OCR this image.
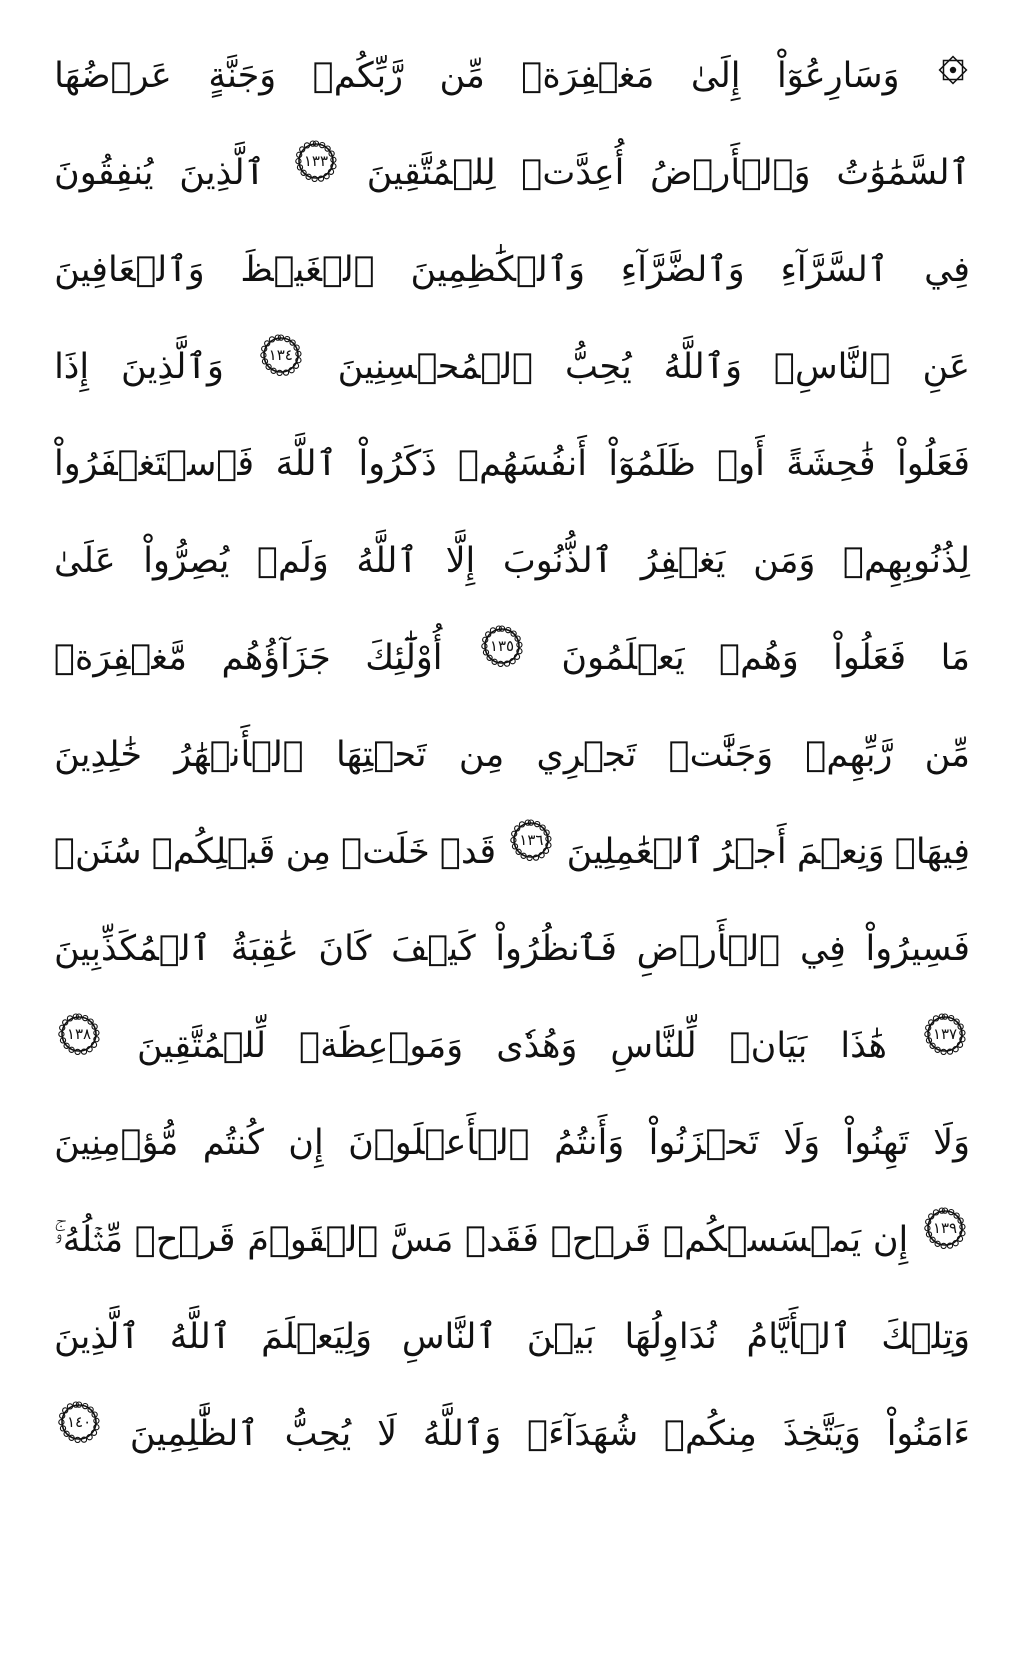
وَسَارِعُوٓاْ
إِلَىٰ
مَغۡفِرَةٖ
مِّن
رَّبِّكُمۡ
وَجَنَّةٍ
عَرۡضُهَا
ٱلسَّمَٰوَٰتُ
وَٱلۡأَرۡضُ
أُعِدَّتۡ
لِلۡمُتَّقِينَ
١٣٣
ٱلَّذِينَ
يُنفِقُونَ
فِي
ٱلسَّرَّآءِ
وَٱلضَّرَّآءِ
وَٱلۡكَٰظِمِينَ
ٱلۡغَيۡظَ
وَٱلۡعَافِينَ
عَنِ
ٱلنَّاسِۗ
وَٱللَّهُ
يُحِبُّ
ٱلۡمُحۡسِنِينَ
١٣٤
وَٱلَّذِينَ
إِذَا
فَعَلُواْ
فَٰحِشَةً
أَوۡ
ظَلَمُوٓاْ
أَنفُسَهُمۡ
ذَكَرُواْ
ٱللَّهَ
فَٱسۡتَغۡفَرُواْ
لِذُنُوبِهِمۡ
وَمَن
يَغۡفِرُ
ٱلذُّنُوبَ
إِلَّا
ٱللَّهُ
وَلَمۡ
يُصِرُّواْ
عَلَىٰ
مَا
فَعَلُواْ
وَهُمۡ
يَعۡلَمُونَ
١٣٥
أُوْلَٰٓئِكَ
جَزَآؤُهُم
مَّغۡفِرَةٞ
مِّن
رَّبِّهِمۡ
وَجَنَّٰتٞ
تَجۡرِي
مِن
تَحۡتِهَا
ٱلۡأَنۡهَٰرُ
خَٰلِدِينَ
فِيهَاۚ
وَنِعۡمَ
أَجۡرُ
ٱلۡعَٰمِلِينَ
١٣٦
قَدۡ
خَلَتۡ
مِن
قَبۡلِكُمۡ
سُنَنٞ
فَسِيرُواْ
فِي
ٱلۡأَرۡضِ
فَٱنظُرُواْ
كَيۡفَ
كَانَ
عَٰقِبَةُ
ٱلۡمُكَذِّبِينَ
١٣٧
هَٰذَا
بَيَانٞ
لِّلنَّاسِ
وَهُدٗى
وَمَوۡعِظَةٞ
لِّلۡمُتَّقِينَ
١٣٨
وَلَا
تَهِنُواْ
وَلَا
تَحۡزَنُواْ
وَأَنتُمُ
ٱلۡأَعۡلَوۡنَ
إِن
كُنتُم
مُّؤۡمِنِينَ
١٣٩
إِن
يَمۡسَسۡكُمۡ
قَرۡحٞ
فَقَدۡ
مَسَّ
ٱلۡقَوۡمَ
قَرۡحٞ
مِّثۡلُهُۥۚ
وَتِلۡكَ
ٱلۡأَيَّامُ
نُدَاوِلُهَا
بَيۡنَ
ٱلنَّاسِ
وَلِيَعۡلَمَ
ٱللَّهُ
ٱلَّذِينَ
ءَامَنُواْ
وَيَتَّخِذَ
مِنكُمۡ
شُهَدَآءَۗ
وَٱللَّهُ
لَا
يُحِبُّ
ٱلظَّٰلِمِينَ
١٤٠
